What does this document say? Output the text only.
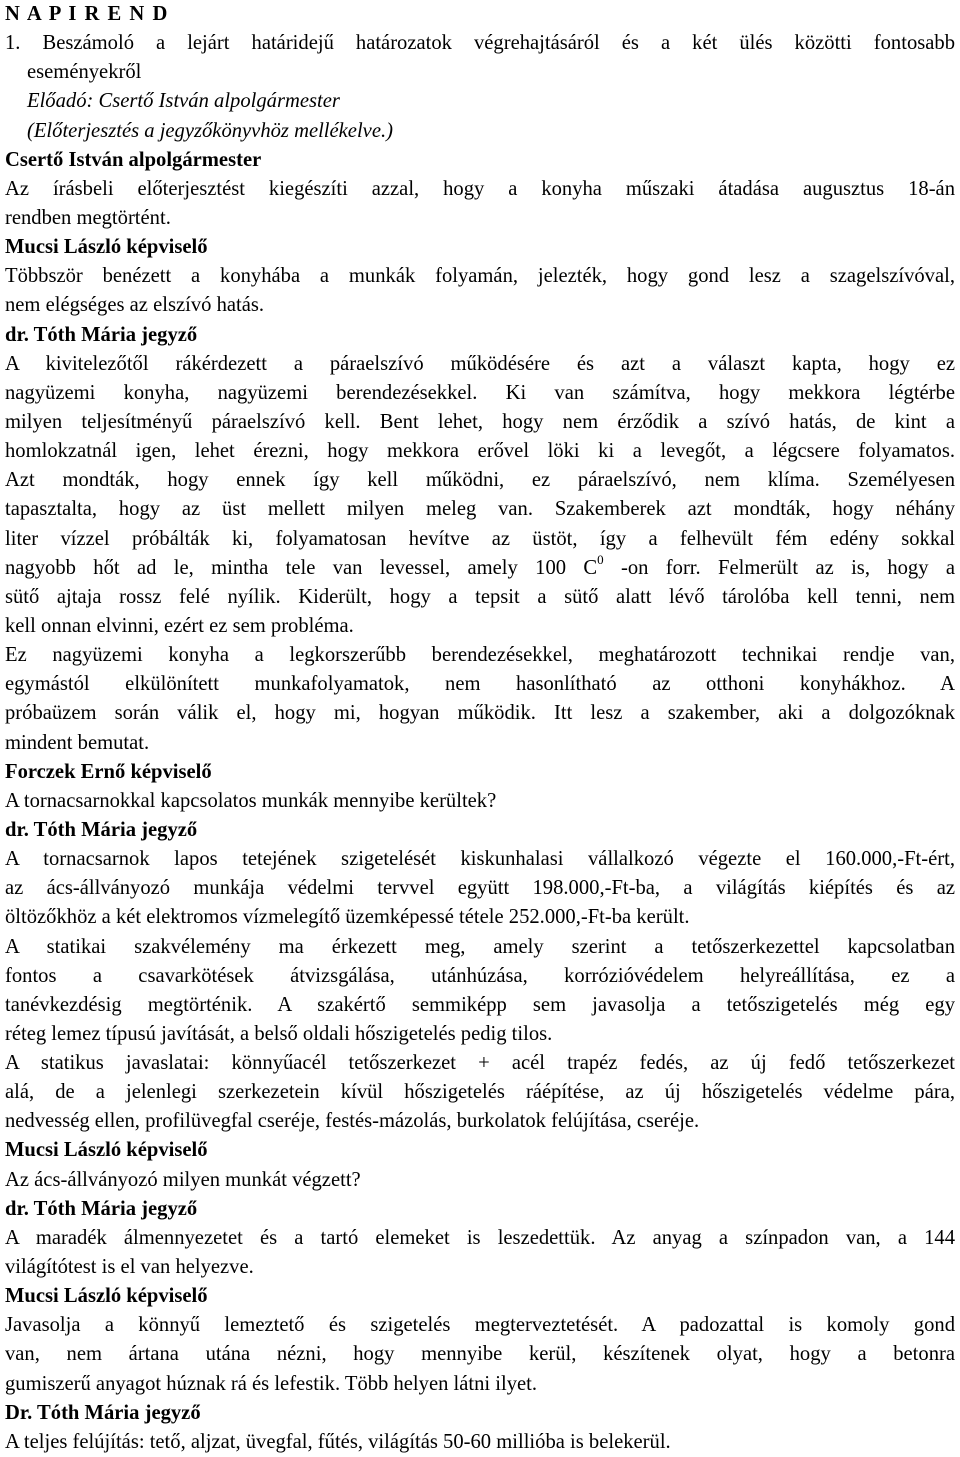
N A P I R E N D
1. Beszámoló a lejárt határidejű határozatok végrehajtásáról és a két ülés közötti fontosabb
eseményekről
Előadó: Csertő István alpolgármester
(Előterjesztés a jegyzőkönyvhöz mellékelve.)
Csertő István alpolgármester
Az írásbeli előterjesztést kiegészíti azzal, hogy a konyha műszaki átadása augusztus 18-án
rendben megtörtént.
Mucsi László képviselő
Többször benézett a konyhába a munkák folyamán, jelezték, hogy gond lesz a szagelszívóval,
nem elégséges az elszívó hatás.
dr. Tóth Mária jegyző
A kivitelezőtől rákérdezett a páraelszívó működésére és azt a választ kapta, hogy ez
nagyüzemi konyha, nagyüzemi berendezésekkel. Ki van számítva, hogy mekkora légtérbe
milyen teljesítményű páraelszívó kell. Bent lehet, hogy nem érződik a szívó hatás, de kint a
homlokzatnál igen, lehet érezni, hogy mekkora erővel löki ki a levegőt, a légcsere folyamatos.
Azt mondták, hogy ennek így kell működni, ez páraelszívó, nem klíma. Személyesen
tapasztalta, hogy az üst mellett milyen meleg van. Szakemberek azt mondták, hogy néhány
liter vízzel próbálták ki, folyamatosan hevítve az üstöt, így a felhevült fém edény sokkal
nagyobb hőt ad le, mintha tele van levessel, amely 100 $C^0$ -on forr. Felmerült az is, hogy a
sütő ajtaja rossz felé nyílik. Kiderült, hogy a tepsit a sütő alatt lévő tárolóba kell tenni, nem
kell onnan elvinni, ezért ez sem probléma.
Ez nagyüzemi konyha a legkorszerűbb berendezésekkel, meghatározott technikai rendje van,
egymástól elkülönített munkafolyamatok, nem hasonlítható az otthoni konyhákhoz. A
próbaüzem során válik el, hogy mi, hogyan működik. Itt lesz a szakember, aki a dolgozóknak
mindent bemutat.
Forczek Ernő képviselő
A tornacsarnokkal kapcsolatos munkák mennyibe kerültek?
dr. Tóth Mária jegyző
A tornacsarnok lapos tetejének szigetelését kiskunhalasi vállalkozó végezte el 160.000,-Ft-ért,
az ács-állványozó munkája védelmi tervvel együtt 198.000,-Ft-ba, a világítás kiépítés és az
öltözőkhöz a két elektromos vízmelegítő üzemképessé tétele 252.000,-Ft-ba került.
A statikai szakvélemény ma érkezett meg, amely szerint a tetőszerkezettel kapcsolatban
fontos a csavarkötések átvizsgálása, utánhúzása, korrózióvédelem helyreállítása, ez a
tanévkezdésig megtörténik. A szakértő semmiképp sem javasolja a tetőszigetelés még egy
réteg lemez típusú javítását, a belső oldali hőszigetelés pedig tilos.
A statikus javaslatai: könnyűacél tetőszerkezet + acél trapéz fedés, az új fedő tetőszerkezet
alá, de a jelenlegi szerkezetein kívül hőszigetelés ráépítése, az új hőszigetelés védelme pára,
nedvesség ellen, profilüvegfal cseréje, festés-mázolás, burkolatok felújítása, cseréje.
Mucsi László képviselő
Az ács-állványozó milyen munkát végzett?
dr. Tóth Mária jegyző
A maradék álmennyezetet és a tartó elemeket is leszedettük. Az anyag a színpadon van, a 144
világítótest is el van helyezve.
Mucsi László képviselő
Javasolja a könnyű lemeztető és szigetelés megterveztetését. A padozattal is komoly gond
van, nem ártana utána nézni, hogy mennyibe kerül, készítenek olyat, hogy a betonra
gumiszerű anyagot húznak rá és lefestik. Több helyen látni ilyet.
Dr. Tóth Mária jegyző
A teljes felújítás: tető, aljzat, üvegfal, fűtés, világítás 50-60 millióba is belekerül.
